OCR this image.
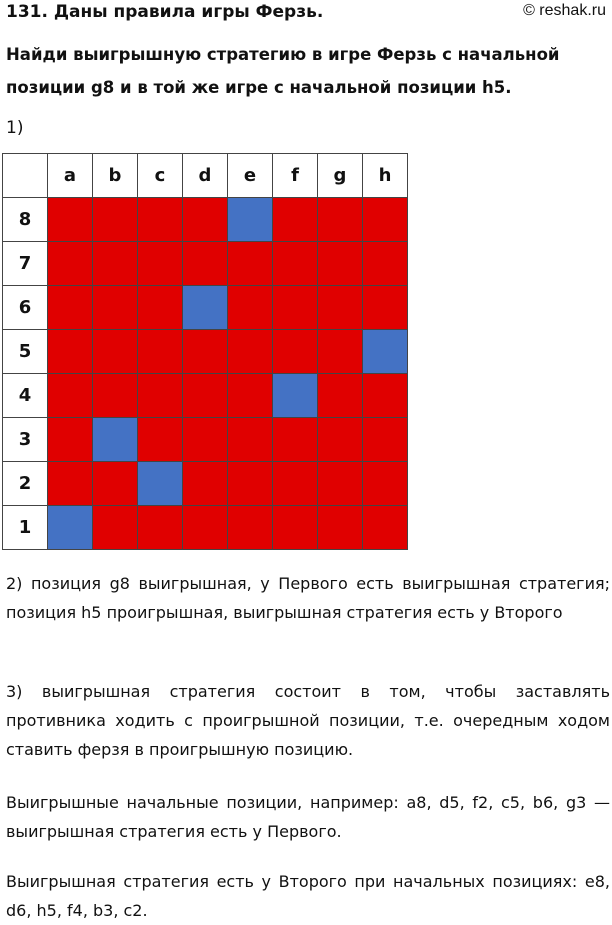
131. Даны правила игры Ферзь.	© reshak.ru
Найди выигрышную стратегию в игре Ферзь с начальной позиции g8 и в той же игре с начальной позиции h5.
1)
	a	b	c	d	e	f	g	h
8								
7								
6								
5								
4								
3								
2								
1								

2) позиция g8 выигрышная, у Первого есть выигрышная стратегия; позиция h5 проигрышная, выигрышная стратегия есть у Второго

3) выигрышная стратегия состоит в том, чтобы заставлять противника ходить с проигрышной позиции, т.е. очередным ходом ставить ферзя в проигрышную позицию.

Выигрышные начальные позиции, например: a8, d5, f2, c5, b6, g3 — выигрышная стратегия есть у Первого.

Выигрышная стратегия есть у Второго при начальных позициях: e8, d6, h5, f4, b3, c2.
